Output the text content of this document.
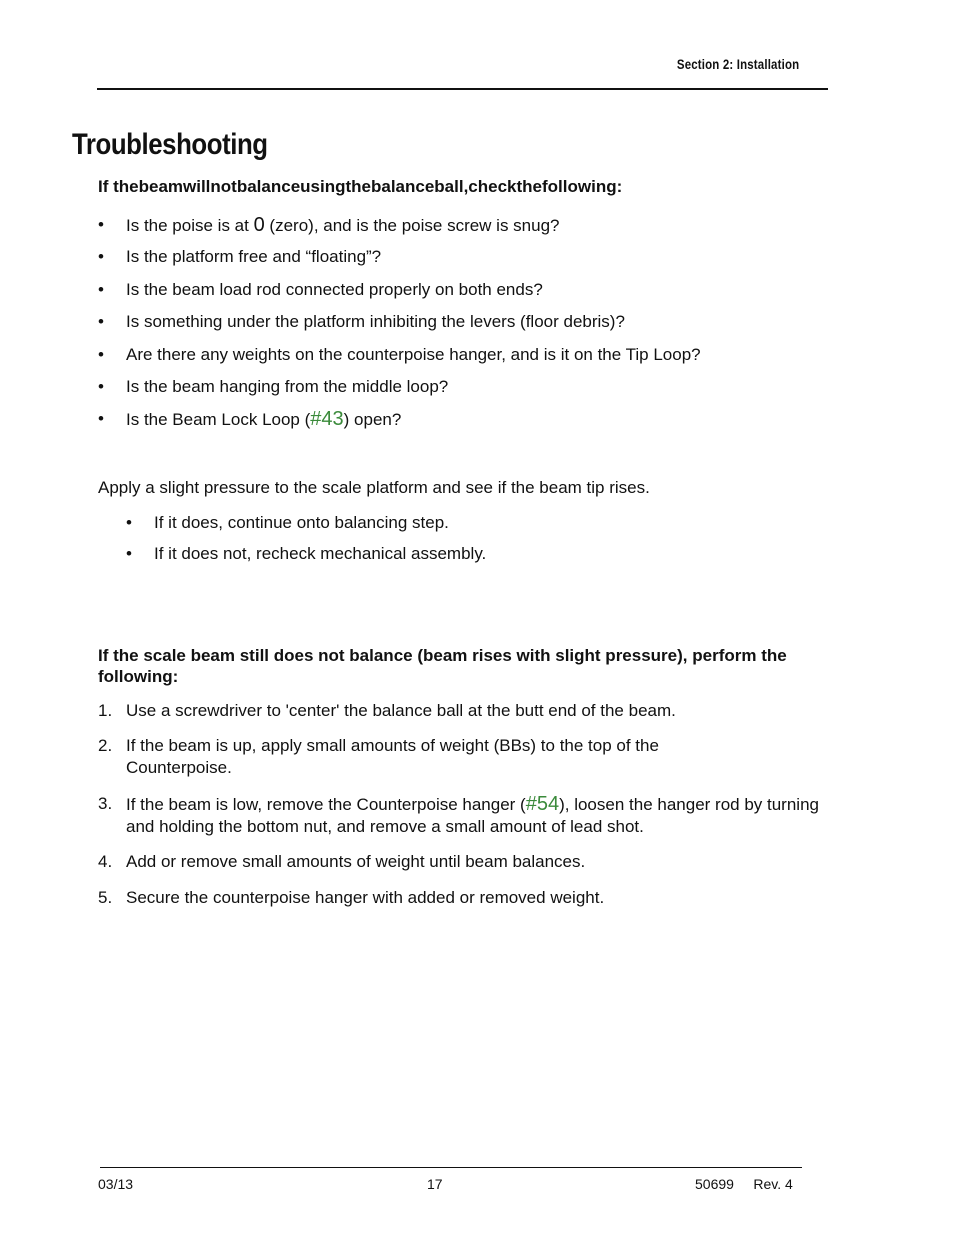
Section 2: Installation
Troubleshooting

If thebeamwillnotbalanceusingthebalanceball,checkthefollowing:

• Is the poise is at 0 (zero), and is the poise screw is snug?
• Is the platform free and “floating”?
• Is the beam load rod connected properly on both ends?
• Is something under the platform inhibiting the levers (floor debris)?
• Are there any weights on the counterpoise hanger, and is it on the Tip Loop?
• Is the beam hanging from the middle loop?
• Is the Beam Lock Loop (#43) open?

Apply a slight pressure to the scale platform and see if the beam tip rises.

• If it does, continue onto balancing step.
• If it does not, recheck mechanical assembly.

If the scale beam still does not balance (beam rises with slight pressure), perform the following:

1. Use a screwdriver to 'center' the balance ball at the butt end of the beam.
2. If the beam is up, apply small amounts of weight (BBs) to the top of the Counterpoise.
3. If the beam is low, remove the Counterpoise hanger (#54), loosen the hanger rod by turning and holding the bottom nut, and remove a small amount of lead shot.
4. Add or remove small amounts of weight until beam balances.
5. Secure the counterpoise hanger with added or removed weight.
03/13	17	50699     Rev. 4
